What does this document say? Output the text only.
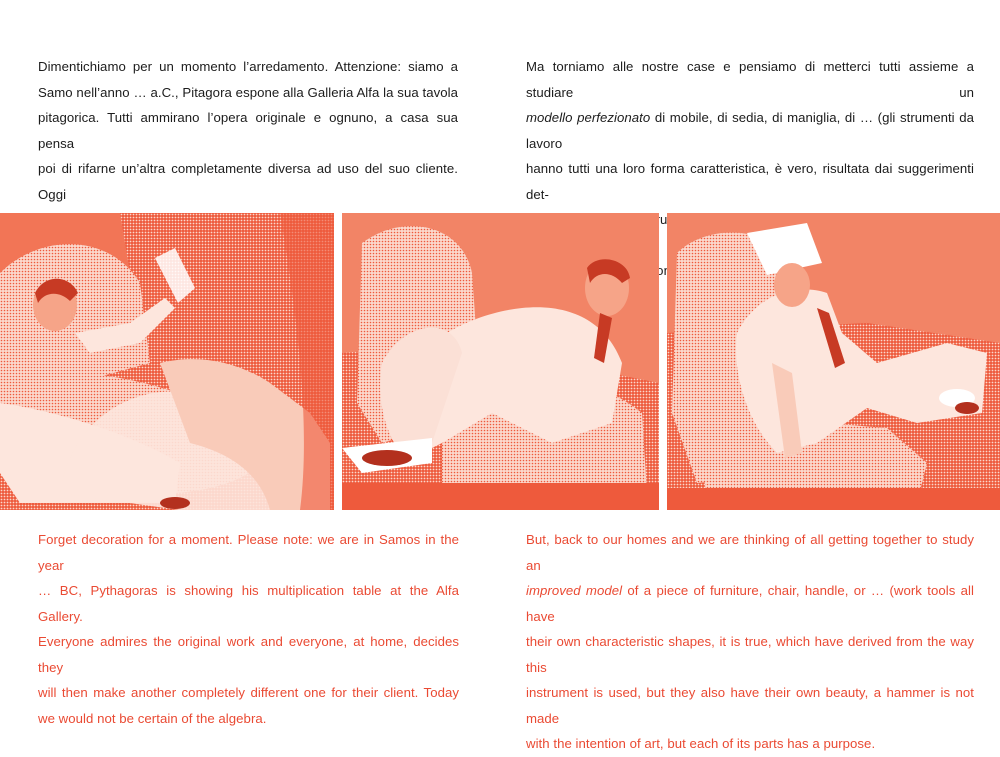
Dimentichiamo per un momento l’arredamento. Attenzione: siamo a
Samo nell’anno … a.C., Pitagora espone alla Galleria Alfa la sua tavola
pitagorica. Tutti ammirano l’opera originale e ognuno, a casa sua pensa
poi di rifarne un’altra completamente diversa ad uso del suo cliente. Oggi
Ma torniamo alle nostre case e pensiamo di metterci tutti assieme a studiare un
modello perfezionato di mobile, di sedia, di maniglia, di … (gli strumenti da lavoro
hanno tutti una loro forma caratteristica, è vero, risultata dai suggerimenti det-
Forget decoration for a moment. Please note: we are in Samos in the year
… BC, Pythagoras is showing his multiplication table at the Alfa Gallery.
Everyone admires the original work and everyone, at home, decides they
will then make another completely different one for their client. Today
we would not be certain of the algebra.
But, back to our homes and we are thinking of all getting together to study an
improved model of a piece of furniture, chair, handle, or … (work tools all have
their own characteristic shapes, it is true, which have derived from the way this
instrument is used, but they also have their own beauty, a hammer is not made
with the intention of art, but each of its parts has a purpose.
